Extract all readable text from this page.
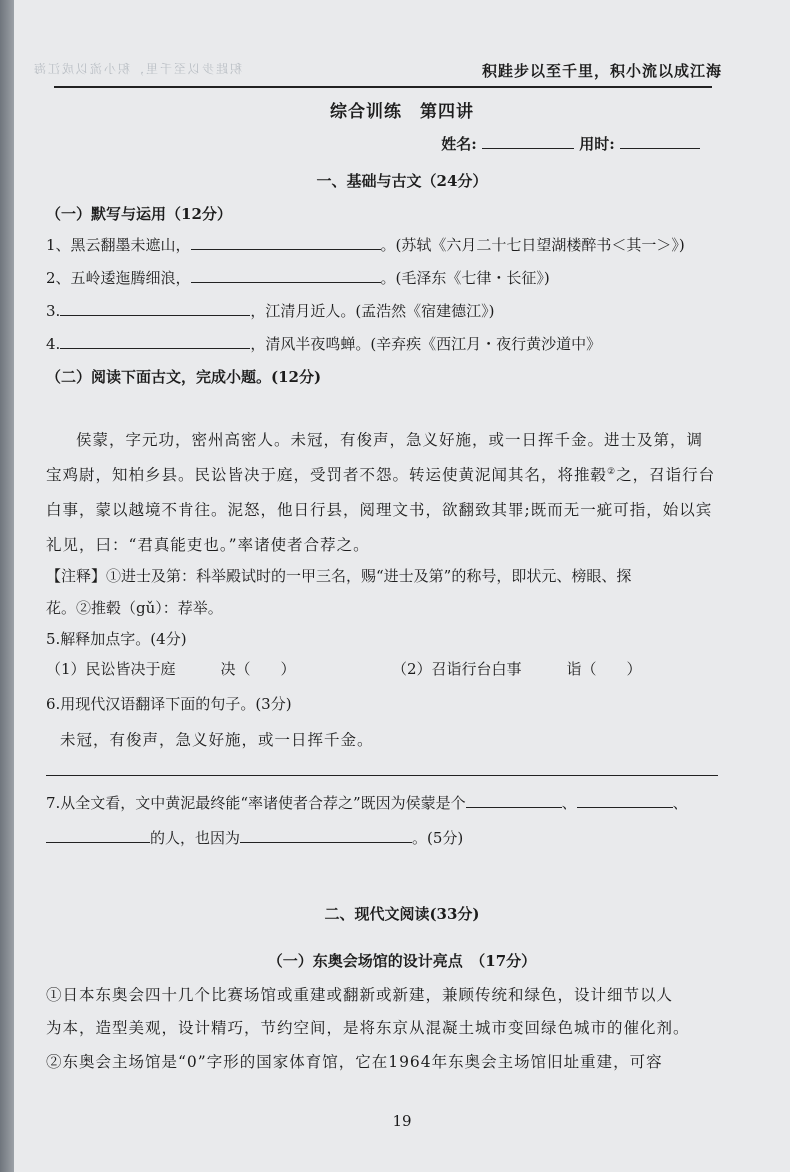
积跬步以至千里，积小流以成江海	积跬步以至千里，积小流以成江海
综合训练　第四讲
姓名:	用时:
一、基础与古文（24分）
（一）默写与运用（12分）
1、黑云翻墨未遮山，	。(苏轼《六月二十七日望湖楼醉书＜其一＞》)
2、五岭逶迤腾细浪，	。(毛泽东《七律・长征》)
3.	，江清月近人。(孟浩然《宿建德江》)
4.	，清风半夜鸣蝉。(辛弃疾《西江月・夜行黄沙道中》
（二）阅读下面古文，完成小题。(12分)
侯蒙，字元功，密州高密人。未冠，有俊声，急义好施，或一日挥千金。进士及第，调
宝鸡尉，知柏乡县。民讼皆决于庭，受罚者不怨。转运使黄泥闻其名，将推毂②之，召诣行台
白事，蒙以越境不肯往。泥怒，他日行县，阅理文书，欲翻致其罪;既而无一疵可指，始以宾
礼见，曰：“君真能吏也。”率诸使者合荐之。
【注释】①进士及第：科举殿试时的一甲三名，赐“进士及第”的称号，即状元、榜眼、探
花。②推毂（gǔ）：荐举。
5.解释加点字。(4分)
（1）民讼皆决于庭　　　决（　　）	（2）召诣行台白事　　　诣（　　）
6.用现代汉语翻译下面的句子。(3分)
未冠，有俊声，急义好施，或一日挥千金。
7.从全文看，文中黄泥最终能“率诸使者合荐之”既因为侯蒙是个	、	、
的人，也因为	。(5分)
二、现代文阅读(33分)
（一）东奥会场馆的设计亮点　（17分）
①日本东奥会四十几个比赛场馆或重建或翻新或新建，兼顾传统和绿色，设计细节以人
为本，造型美观，设计精巧，节约空间，是将东京从混凝土城市变回绿色城市的催化剂。
②东奥会主场馆是“0”字形的国家体育馆，它在1964年东奥会主场馆旧址重建，可容
19
